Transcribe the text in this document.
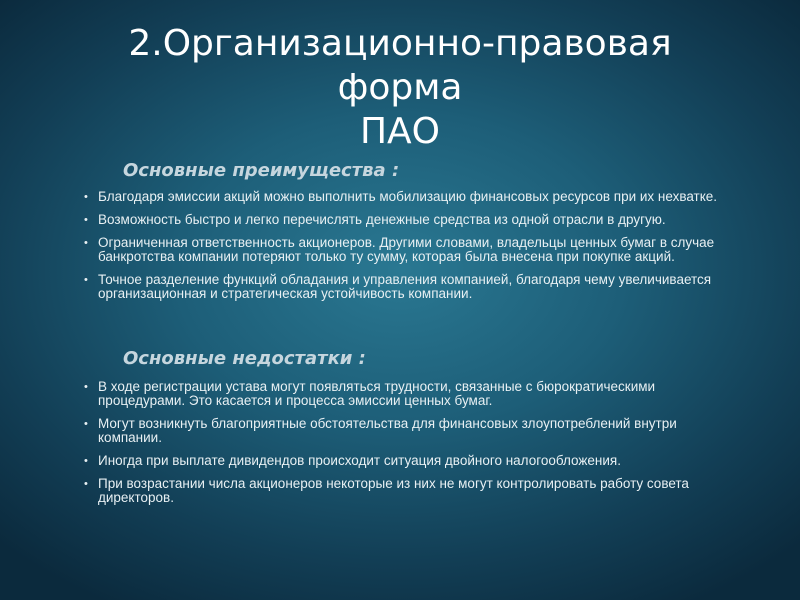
2.Организационно-правовая
форма
ПАО
Основные преимущества :
• Благодаря эмиссии акций можно выполнить мобилизацию финансовых ресурсов при их нехватке.
• Возможность быстро и легко перечислять денежные средства из одной отрасли в другую.
• Ограниченная ответственность акционеров. Другими словами, владельцы ценных бумаг в случае банкротства компании потеряют только ту сумму, которая была внесена при покупке акций.
• Точное разделение функций обладания и управления компанией, благодаря чему увеличивается организационная и стратегическая устойчивость компании.
Основные недостатки :
• В ходе регистрации устава могут появляться трудности, связанные с бюрократическими процедурами. Это касается и процесса эмиссии ценных бумаг.
• Могут возникнуть благоприятные обстоятельства для финансовых злоупотреблений внутри компании.
• Иногда при выплате дивидендов происходит ситуация двойного налогообложения.
• При возрастании числа акционеров некоторые из них не могут контролировать работу совета директоров.
